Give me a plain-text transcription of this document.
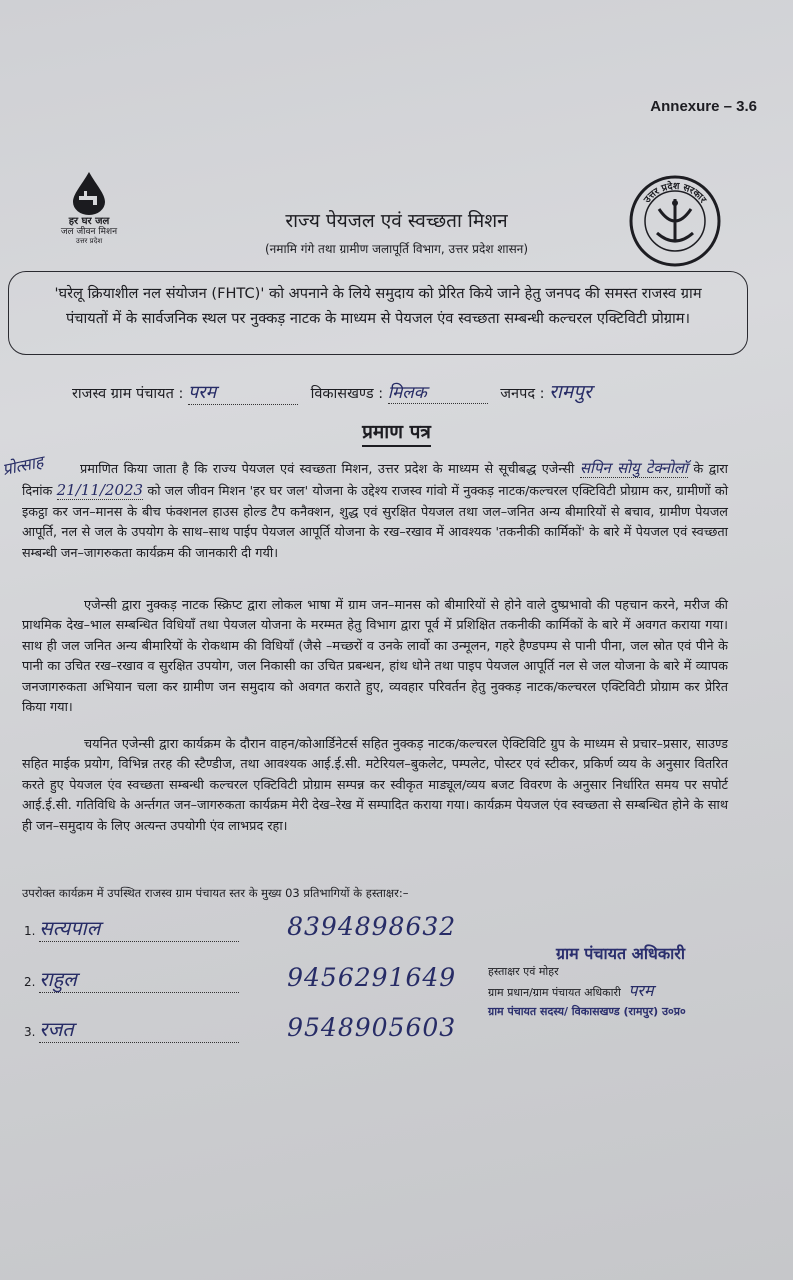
Annexure – 3.6
हर घर जल
जल जीवन मिशन
उत्तर प्रदेश
उत्तर प्रदेश सरकार
राज्य पेयजल एवं स्वच्छता मिशन
(नमामि गंगे तथा ग्रामीण जलापूर्ति विभाग, उत्तर प्रदेश शासन)
'घरेलू क्रियाशील नल संयोजन (FHTC)' को अपनाने के लिये समुदाय को प्रेरित किये जाने हेतु जनपद की समस्त राजस्व ग्राम पंचायतों में के सार्वजनिक स्थल पर नुक्कड़ नाटक के माध्यम से पेयजल एंव स्वच्छता सम्बन्धी कल्चरल एक्टिविटी प्रोग्राम।
राजस्व ग्राम पंचायत : परम	विकासखण्ड : मिलक	जनपद : रामपुर
प्रमाण पत्र
प्रोत्साह	प्रमाणित किया जाता है कि राज्य पेयजल एवं स्वच्छता मिशन, उत्तर प्रदेश के माध्यम से सूचीबद्ध एजेन्सी सपिन सोयु टेक्नोलॉ के द्वारा दिनांक 21/11/2023 को जल जीवन मिशन 'हर घर जल' योजना के उद्देश्य राजस्व गांवो में नुक्कड़ नाटक/कल्चरल एक्टिविटी प्रोग्राम कर, ग्रामीणों को इकट्ठा कर जन–मानस के बीच फंक्शनल हाउस होल्ड टैप कनैक्शन, शुद्ध एवं सुरक्षित पेयजल तथा जल–जनित अन्य बीमारियों से बचाव, ग्रामीण पेयजल आपूर्ति, नल से जल के उपयोग के साथ–साथ पाईप पेयजल आपूर्ति योजना के रख–रखाव में आवश्यक 'तकनीकी कार्मिकों' के बारे में पेयजल एवं स्वच्छता सम्बन्धी जन–जागरुकता कार्यक्रम की जानकारी दी गयी।
एजेन्सी द्वारा नुक्कड़ नाटक स्क्रिप्ट द्वारा लोकल भाषा में ग्राम जन–मानस को बीमारियों से होने वाले दुष्प्रभावो की पहचान करने, मरीज की प्राथमिक देख–भाल सम्बन्धित विधियाँ तथा पेयजल योजना के मरम्मत हेतु विभाग द्वारा पूर्व में प्रशिक्षित तकनीकी कार्मिकों के बारे में अवगत कराया गया। साथ ही जल जनित अन्य बीमारियों के रोकथाम की विधियाँ (जैसे –मच्छरों व उनके लार्वो का उन्मूलन, गहरे हैण्डपम्प से पानी पीना, जल स्रोत एवं पीने के पानी का उचित रख–रखाव व सुरक्षित उपयोग, जल निकासी का उचित प्रबन्धन, हांथ धोने तथा पाइप पेयजल आपूर्ति नल से जल योजना के बारे में व्यापक जनजागरुकता अभियान चला कर ग्रामीण जन समुदाय को अवगत कराते हुए, व्यवहार परिवर्तन हेतु नुक्कड़ नाटक/कल्चरल एक्टिविटी प्रोग्राम कर प्रेरित किया गया।
चयनित एजेन्सी द्वारा कार्यक्रम के दौरान वाहन/कोआर्डिनेटर्स सहित नुक्कड़ नाटक/कल्चरल ऐक्टिविटि ग्रुप के माध्यम से प्रचार–प्रसार, साउण्ड सहित माईक प्रयोग, विभिन्न तरह की स्टैण्डीज, तथा आवश्यक आई.ई.सी. मटेरियल–बुकलेट, पम्पलेट, पोस्टर एवं स्टीकर, प्रकिर्ण व्यय के अनुसार वितरित करते हुए पेयजल एंव स्वच्छता सम्बन्धी कल्चरल एक्टिविटी प्रोग्राम सम्पन्न कर स्वीकृत माड्यूल/व्यय बजट विवरण के अनुसार निर्धारित समय पर सपोर्ट आई.ई.सी. गतिविधि के अर्न्तगत जन–जागरुकता कार्यक्रम मेरी देख–रेख में सम्पादित कराया गया। कार्यक्रम पेयजल एंव स्वच्छता से सम्बन्धित होने के साथ ही जन–समुदाय के लिए अत्यन्त उपयोगी एंव लाभप्रद रहा।
उपरोक्त कार्यक्रम में उपस्थित राजस्व ग्राम पंचायत स्तर के मुख्य 03 प्रतिभागियों के हस्ताक्षर:–
1. सत्यपाल	8394898632
2. राहुल	9456291649
3. रजत	9548905603
ग्राम पंचायत अधिकारी
हस्ताक्षर एवं मोहर
ग्राम प्रधान/ग्राम पंचायत अधिकारी परम
ग्राम पंचायत सदस्य/ विकासखण्ड (रामपुर) उ०प्र०
